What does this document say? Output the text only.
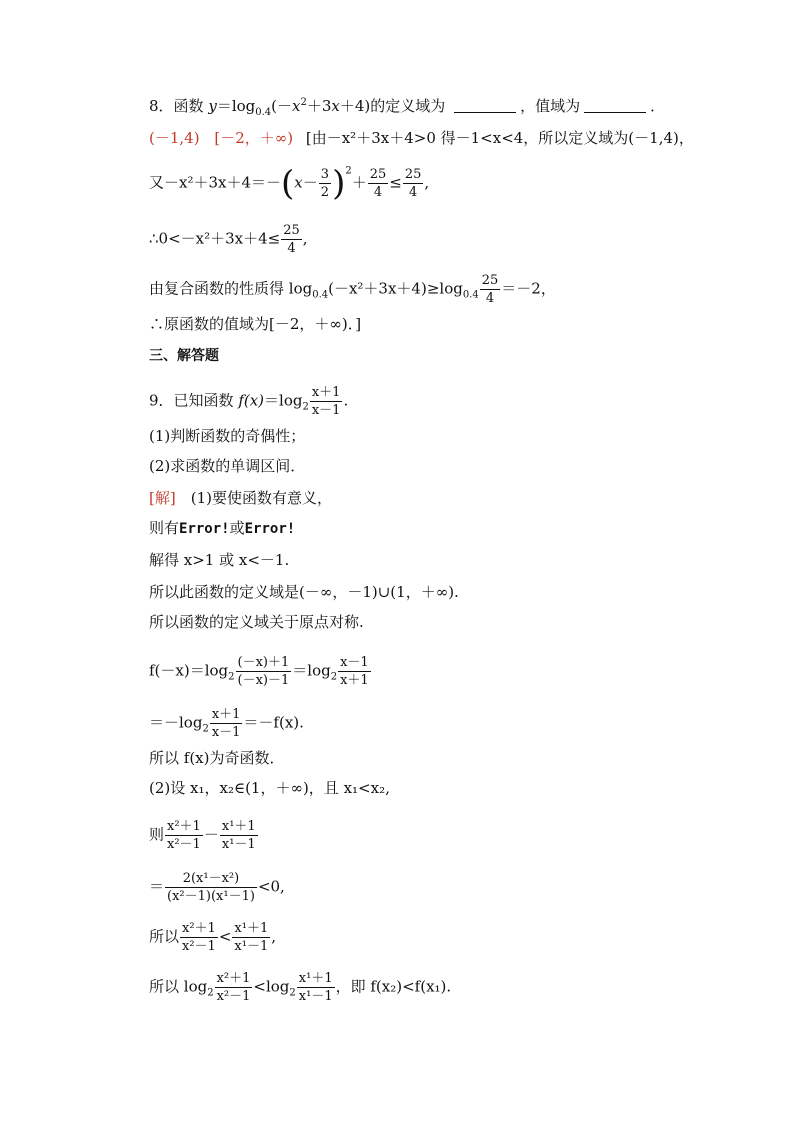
8．函数 $y=\log_{0.4}(-x^2+3x+4)$的定义域为	，值域为	．
(－1,4) [－2，＋∞) [由－x²＋3x＋4>0 得－1<x<4，所以定义域为(－1,4)，
又$-x^2+3x+4=-(x- \frac{3}{2} )^2+ \frac{25}{4} \le \frac{25}{4}$ ,
∴0<－x²＋3x＋4≤ $\frac{25}{4}$ ,
由复合函数的性质得 $\log_{0.4}(-x^2+3x+4)\ge\log_{0.4} \frac{25}{4} =-2$，
∴原函数的值域为[－2，＋∞)．]
三、解答题
9．已知函数 $f(x)=\log_2 \frac{x+1}{x-1}$ .
(1)判断函数的奇偶性；
(2)求函数的单调区间．
[解]　(1)要使函数有意义，
则有Error!或Error!
解得 x>1 或 x<－1.
所以此函数的定义域是(－∞，－1)∪(1，＋∞).
所以函数的定义域关于原点对称.
$f(-x)=\log_2 \frac{(-x)+1}{(-x)-1} =\log_2 \frac{x-1}{x+1}$
$=-\log_2 \frac{x+1}{x-1} =-f(x)$.
所以 f(x)为奇函数．
(2)设 x₁，x₂∈(1，＋∞)，且 x₁<x₂,
则 $\frac{\text{x²＋1}}{\text{x²－1}} - \frac{\text{x¹＋1}}{\text{x¹－1}}$
＝ $\frac{\text{2(x¹－x²)}}{\text{(x²－1)(x¹－1)}} <0$,
所以 $\frac{\text{x²＋1}}{\text{x²－1}} < \frac{\text{x¹＋1}}{\text{x¹－1}}$ ,
所以 $\log_2 \frac{\text{x²＋1}}{\text{x²－1}} <\log_2 \frac{\text{x¹＋1}}{\text{x¹－1}}$ ，即 f(x₂)<f(x₁).
